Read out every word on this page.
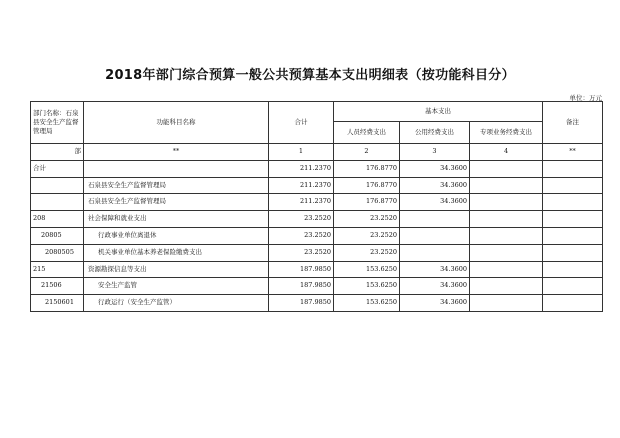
2018年部门综合预算一般公共预算基本支出明细表（按功能科目分）
单位：万元
部门名称：石泉县安全生产监督管理局	功能科目名称	合计	基本支出			备注
			人员经费支出	公用经费支出	专项业务经费支出	
部	**	1	2	3	4	**
合计		211.2370	176.8770	34.3600		
	石泉县安全生产监督管理局	211.2370	176.8770	34.3600		
	石泉县安全生产监督管理局	211.2370	176.8770	34.3600		
208	社会保障和就业支出	23.2520	23.2520			
20805	行政事业单位离退休	23.2520	23.2520			
2080505	机关事业单位基本养老保险缴费支出	23.2520	23.2520			
215	资源勘探信息等支出	187.9850	153.6250	34.3600		
21506	安全生产监管	187.9850	153.6250	34.3600		
2150601	行政运行（安全生产监管）	187.9850	153.6250	34.3600		
